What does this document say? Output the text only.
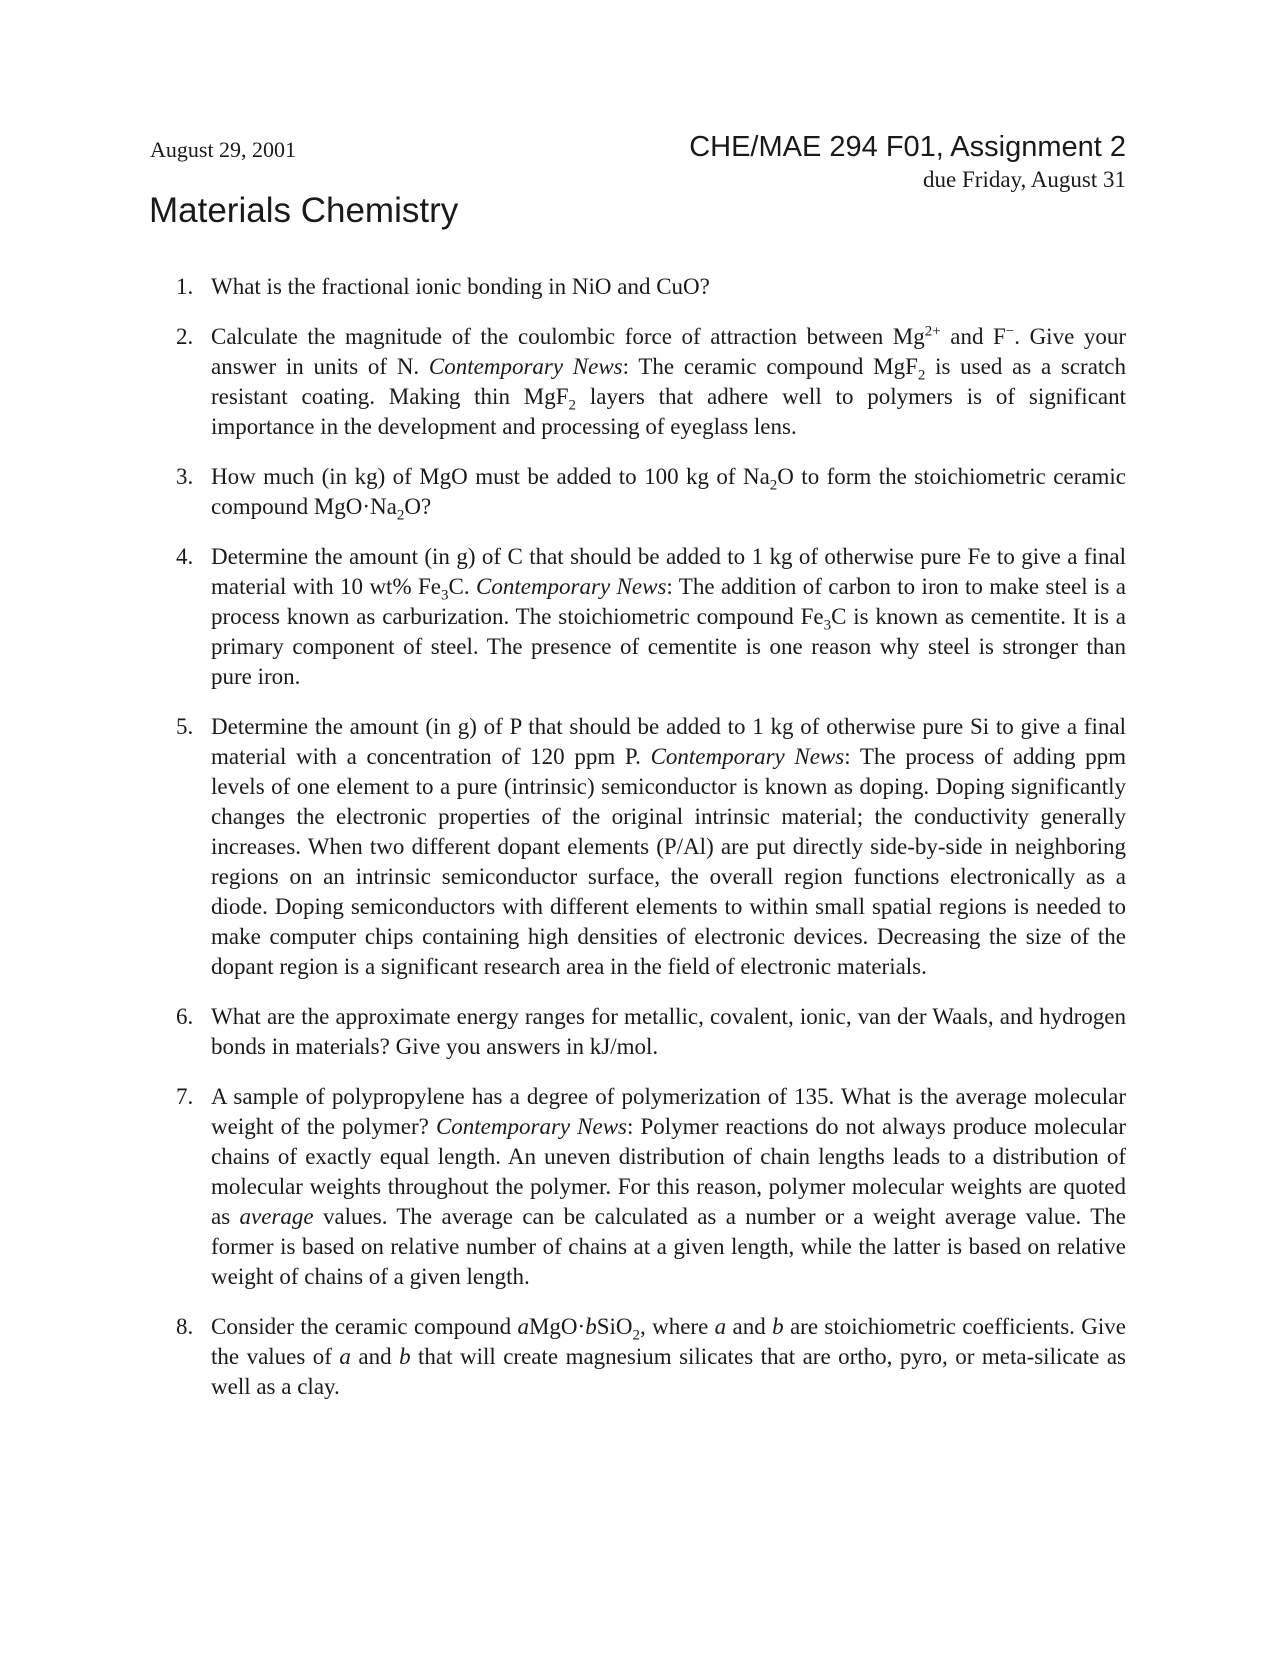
August 29, 2001	CHE/MAE 294 F01, Assignment 2
due Friday, August 31
Materials Chemistry
1. What is the fractional ionic bonding in NiO and CuO?
2. Calculate the magnitude of the coulombic force of attraction between $Mg^{2+}$ and F−. Give your answer in units of N. Contemporary News: The ceramic compound MgF$_2$ is used as a scratch resistant coating. Making thin MgF$_2$ layers that adhere well to polymers is of significant importance in the development and processing of eyeglass lens.
3. How much (in kg) of MgO must be added to 100 kg of $Na_2O$ to form the stoichiometric ceramic compound $MgO\cdot Na_2O$?
4. Determine the amount (in g) of C that should be added to 1 kg of otherwise pure Fe to give a final material with 10 wt% $Fe_3C$. Contemporary News: The addition of carbon to iron to make steel is a process known as carburization. The stoichiometric compound $Fe_3C$ is known as cementite. It is a primary component of steel. The presence of cementite is one reason why steel is stronger than pure iron.
5. Determine the amount (in g) of P that should be added to 1 kg of otherwise pure Si to give a final material with a concentration of 120 ppm P. Contemporary News: The process of adding ppm levels of one element to a pure (intrinsic) semiconductor is known as doping. Doping significantly changes the electronic properties of the original intrinsic material; the conductivity generally increases. When two different dopant elements (P/Al) are put directly side-by-side in neighboring regions on an intrinsic semiconductor surface, the overall region functions electronically as a diode. Doping semiconductors with different elements to within small spatial regions is needed to make computer chips containing high densities of electronic devices. Decreasing the size of the dopant region is a significant research area in the field of electronic materials.
6. What are the approximate energy ranges for metallic, covalent, ionic, van der Waals, and hydrogen bonds in materials? Give you answers in kJ/mol.
7. A sample of polypropylene has a degree of polymerization of 135. What is the average molecular weight of the polymer? Contemporary News: Polymer reactions do not always produce molecular chains of exactly equal length. An uneven distribution of chain lengths leads to a distribution of molecular weights throughout the polymer. For this reason, polymer molecular weights are quoted as average values. The average can be calculated as a number or a weight average value. The former is based on relative number of chains at a given length, while the latter is based on relative weight of chains of a given length.
8. Consider the ceramic compound aMgO·bSiO$_2$, where a and b are stoichiometric coefficients. Give the values of a and b that will create magnesium silicates that are ortho, pyro, or meta-silicate as well as a clay.
